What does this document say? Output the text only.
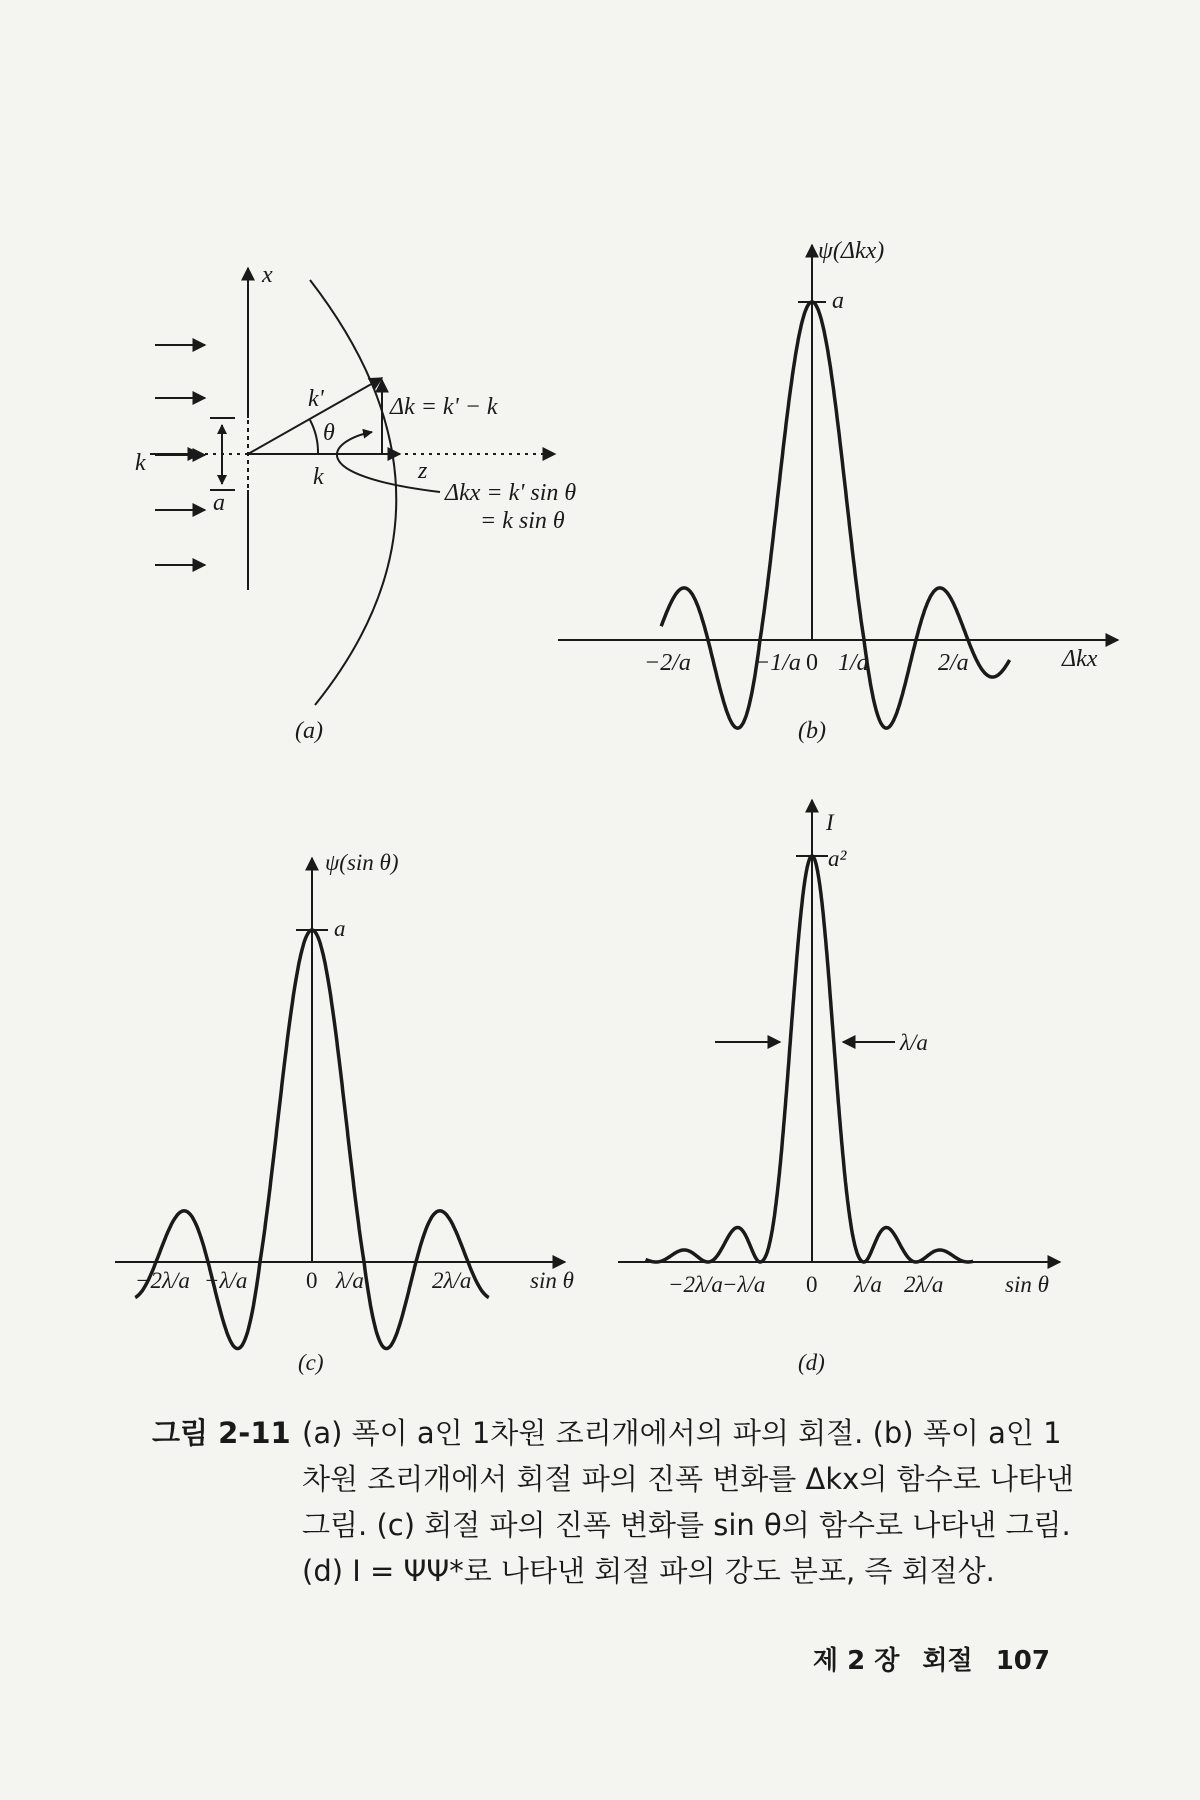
x
z
k
k'
k
θ
a
Δk = k' − k
Δkx = k' sin θ
= k sin θ
(a)
ψ(Δkx)
a
Δkx
−2/a	−1/a 0 1/a	2/a
(b)
ψ(sin θ)
a
sin θ
−2λ/a −λ/a	0 λ/a	2λ/a
(c)
I
a²
λ/a
sin θ
−2λ/a −λ/a 0 λ/a 2λ/a
(d)
그림 2-11 (a) 폭이 a인 1차원 조리개에서의 파의 회절. (b) 폭이 a인 1
차원 조리개에서 회절 파의 진폭 변화를 Δkx의 함수로 나타낸
그림. (c) 회절 파의 진폭 변화를 sin θ의 함수로 나타낸 그림.
(d) I = ΨΨ*로 나타낸 회절 파의 강도 분포, 즉 회절상.
제 2 장 회절 107
